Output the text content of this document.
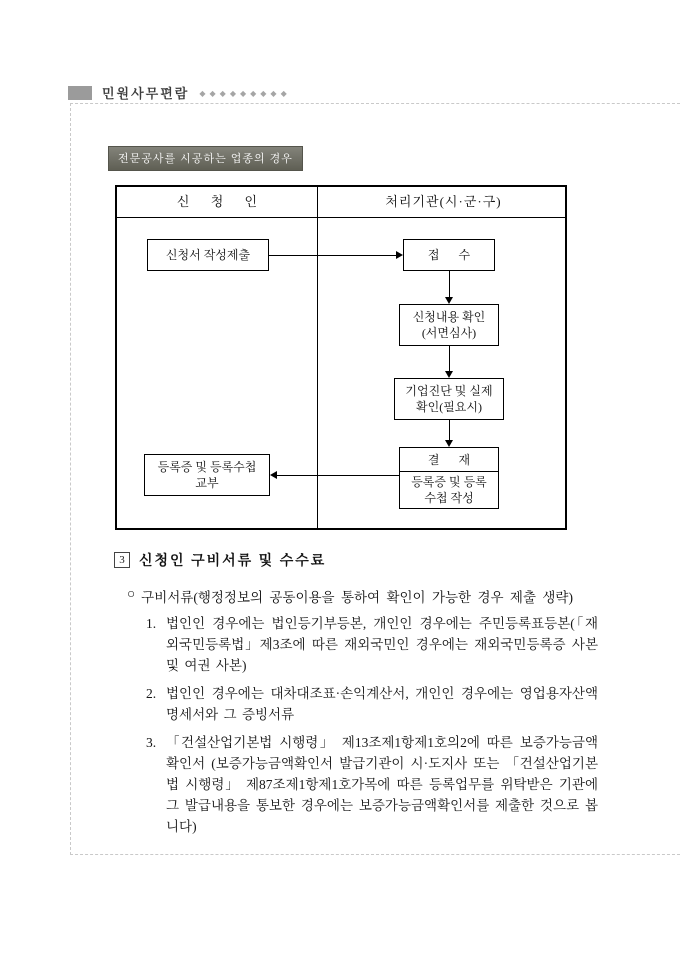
민원사무편람 ◆◆◆◆◆◆◆◆◆
전문공사를 시공하는 업종의 경우
신 청 인	처리기관(시·군·구)
신청서 작성제출	접 수
신청내용 확인
(서면심사)
기업진단 및 실제
확인(필요시)
결 재
등록증 및 등록
수첩 작성
등록증 및 등록수첩
교부
3	신청인 구비서류 및 수수료
○ 구비서류(행정정보의 공동이용을 통하여 확인이 가능한 경우 제출 생략)
1. 법인인 경우에는 법인등기부등본, 개인인 경우에는 주민등록표등본(「재외국민등록법」제3조에 따른 재외국민인 경우에는 재외국민등록증 사본 및 여권 사본)
2. 법인인 경우에는 대차대조표·손익계산서, 개인인 경우에는 영업용자산액 명세서와 그 증빙서류
3. 「건설산업기본법 시행령」 제13조제1항제1호의2에 따른 보증가능금액확인서 (보증가능금액확인서 발급기관이 시·도지사 또는 「건설산업기본법 시행령」 제87조제1항제1호가목에 따른 등록업무를 위탁받은 기관에 그 발급내용을 통보한 경우에는 보증가능금액확인서를 제출한 것으로 봅니다)
